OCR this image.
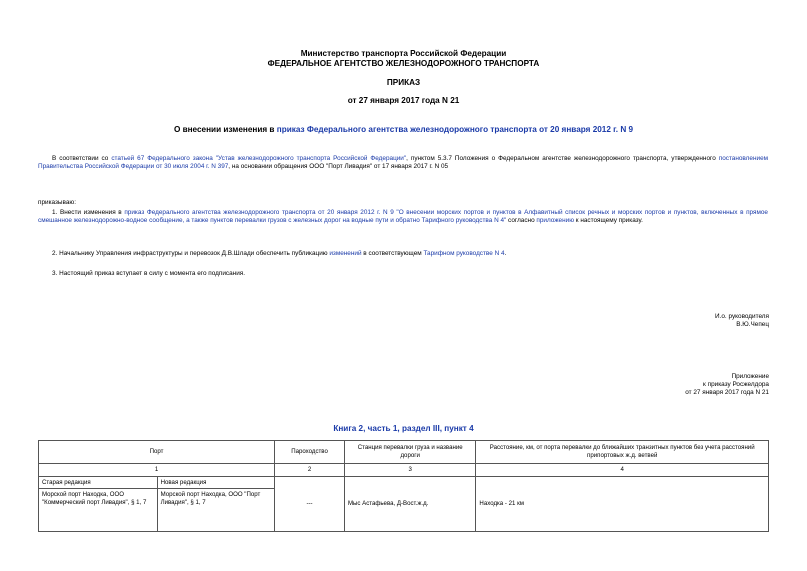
Министерство транспорта Российской Федерации
ФЕДЕРАЛЬНОЕ АГЕНТСТВО ЖЕЛЕЗНОДОРОЖНОГО ТРАНСПОРТА
ПРИКАЗ
от 27 января 2017 года N 21
О внесении изменения в приказ Федерального агентства железнодорожного транспорта от 20 января 2012 г. N 9
В соответствии со статьей 67 Федерального закона "Устав железнодорожного транспорта Российской Федерации", пунктом 5.3.7 Положения о Федеральном агентстве железнодорожного транспорта, утвержденного постановлением Правительства Российской Федерации от 30 июля 2004 г. N 397, на основании обращения ООО "Порт Ливадия" от 17 января 2017 г. N 05
приказываю:
1. Внести изменения в приказ Федерального агентства железнодорожного транспорта от 20 января 2012 г. N 9 "О внесении морских портов и пунктов в Алфавитный список речных и морских портов и пунктов, включенных в прямое смешанное железнодорожно-водное сообщение, а также пунктов перевалки грузов с железных дорог на водные пути и обратно Тарифного руководства N 4" согласно приложению к настоящему приказу.
2. Начальнику Управления инфраструктуры и перевозок Д.В.Шлади обеспечить публикацию изменений в соответствующем Тарифном руководстве N 4.
3. Настоящий приказ вступает в силу с момента его подписания.
И.о. руководителя
В.Ю.Чепец
Приложение
к приказу Росжелдора
от 27 января 2017 года N 21
Книга 2, часть 1, раздел III, пункт 4
Порт		Пароходство	Станция перевалки груза и название дороги	Расстояние, км, от порта перевалки до ближайших транзитных пунктов без учета расстояний припортовых ж.д. ветвей
1		2	3	4
Старая редакция	Новая редакция	---	Мыс Астафьева, Д-Вост.ж.д.	Находка - 21 км
Морской порт Находка, ООО "Коммерческий порт Ливадия", § 1, 7	Морской порт Находка, ООО "Порт Ливадия", § 1, 7			
